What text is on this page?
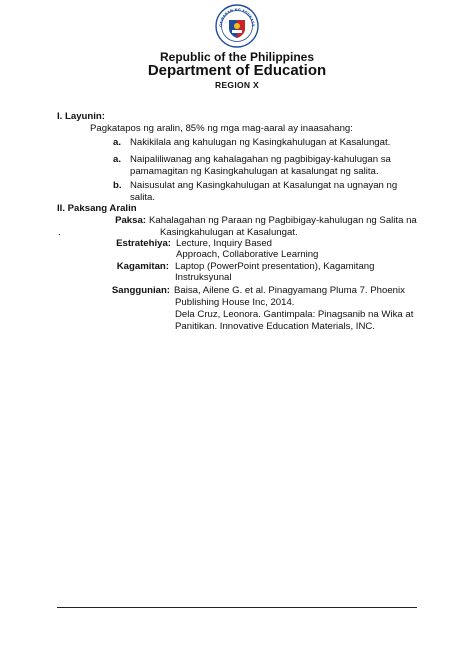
GAWARAN NG EDUKASY
Republic of the Philippines
Department of Education
REGION X
I. Layunin:
Pagkatapos ng aralin, 85% ng mga mag-aaral ay inaasahang:
a. Nakikilala ang kahulugan ng Kasingkahulugan at Kasalungat.
a. Naipaliliwanag ang kahalagahan ng pagbibigay-kahulugan sa
pamamagitan ng Kasingkahulugan at kasalungat ng salita.
b. Naisusulat ang Kasingkahulugan at Kasalungat na ugnayan ng
salita.
II. Paksang Aralin
Paksa: Kahalagahan ng Paraan ng Pagbibigay-kahulugan ng Salita na
.	Kasingkahulugan at Kasalungat.
Estratehiya: Lecture, Inquiry Based
Approach, Collaborative Learning
Kagamitan: Laptop (PowerPoint presentation), Kagamitang
Instruksyunal
Sanggunian: Baisa, Ailene G. et al. Pinagyamang Pluma 7. Phoenix
Publishing House Inc, 2014.
Dela Cruz, Leonora. Gantimpala: Pinagsanib na Wika at
Panitikan. Innovative Education Materials, INC.
